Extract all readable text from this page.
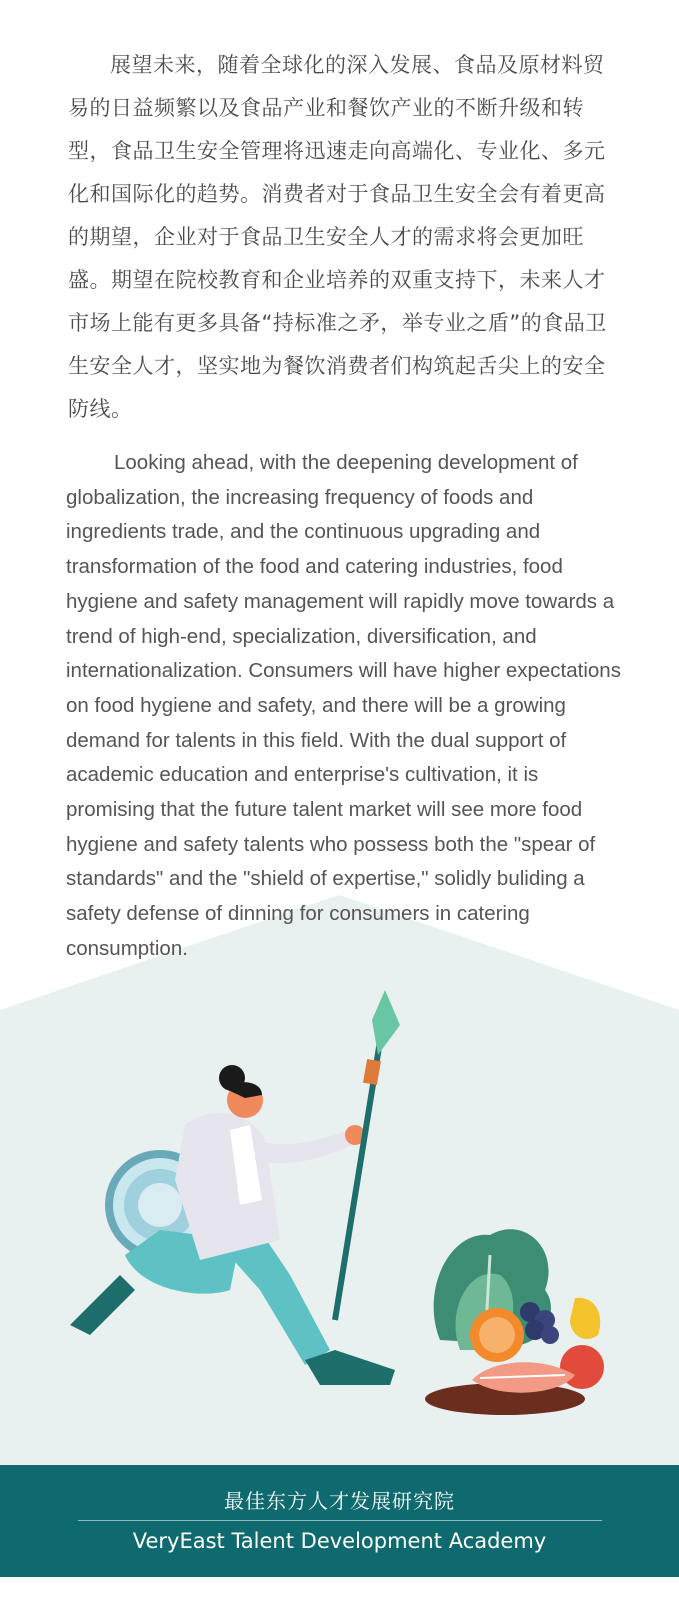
展望未来，随着全球化的深入发展、食品及原材料贸易的日益频繁以及食品产业和餐饮产业的不断升级和转型，食品卫生安全管理将迅速走向高端化、专业化、多元化和国际化的趋势。消费者对于食品卫生安全会有着更高的期望，企业对于食品卫生安全人才的需求将会更加旺盛。期望在院校教育和企业培养的双重支持下，未来人才市场上能有更多具备“持标准之矛，举专业之盾”的食品卫生安全人才，坚实地为餐饮消费者们构筑起舌尖上的安全防线。

Looking ahead, with the deepening development of globalization, the increasing frequency of foods and ingredients trade, and the continuous upgrading and transformation of the food and catering industries, food hygiene and safety management will rapidly move towards a trend of high-end, specialization, diversification, and internationalization. Consumers will have higher expectations on food hygiene and safety, and there will be a growing demand for talents in this field. With the dual support of academic education and enterprise's cultivation, it is promising that the future talent market will see more food hygiene and safety talents who possess both the "spear of standards" and the "shield of expertise," solidly buliding a safety defense of dinning for consumers in catering consumption.

最佳东方人才发展研究院
VeryEast Talent Development Academy
